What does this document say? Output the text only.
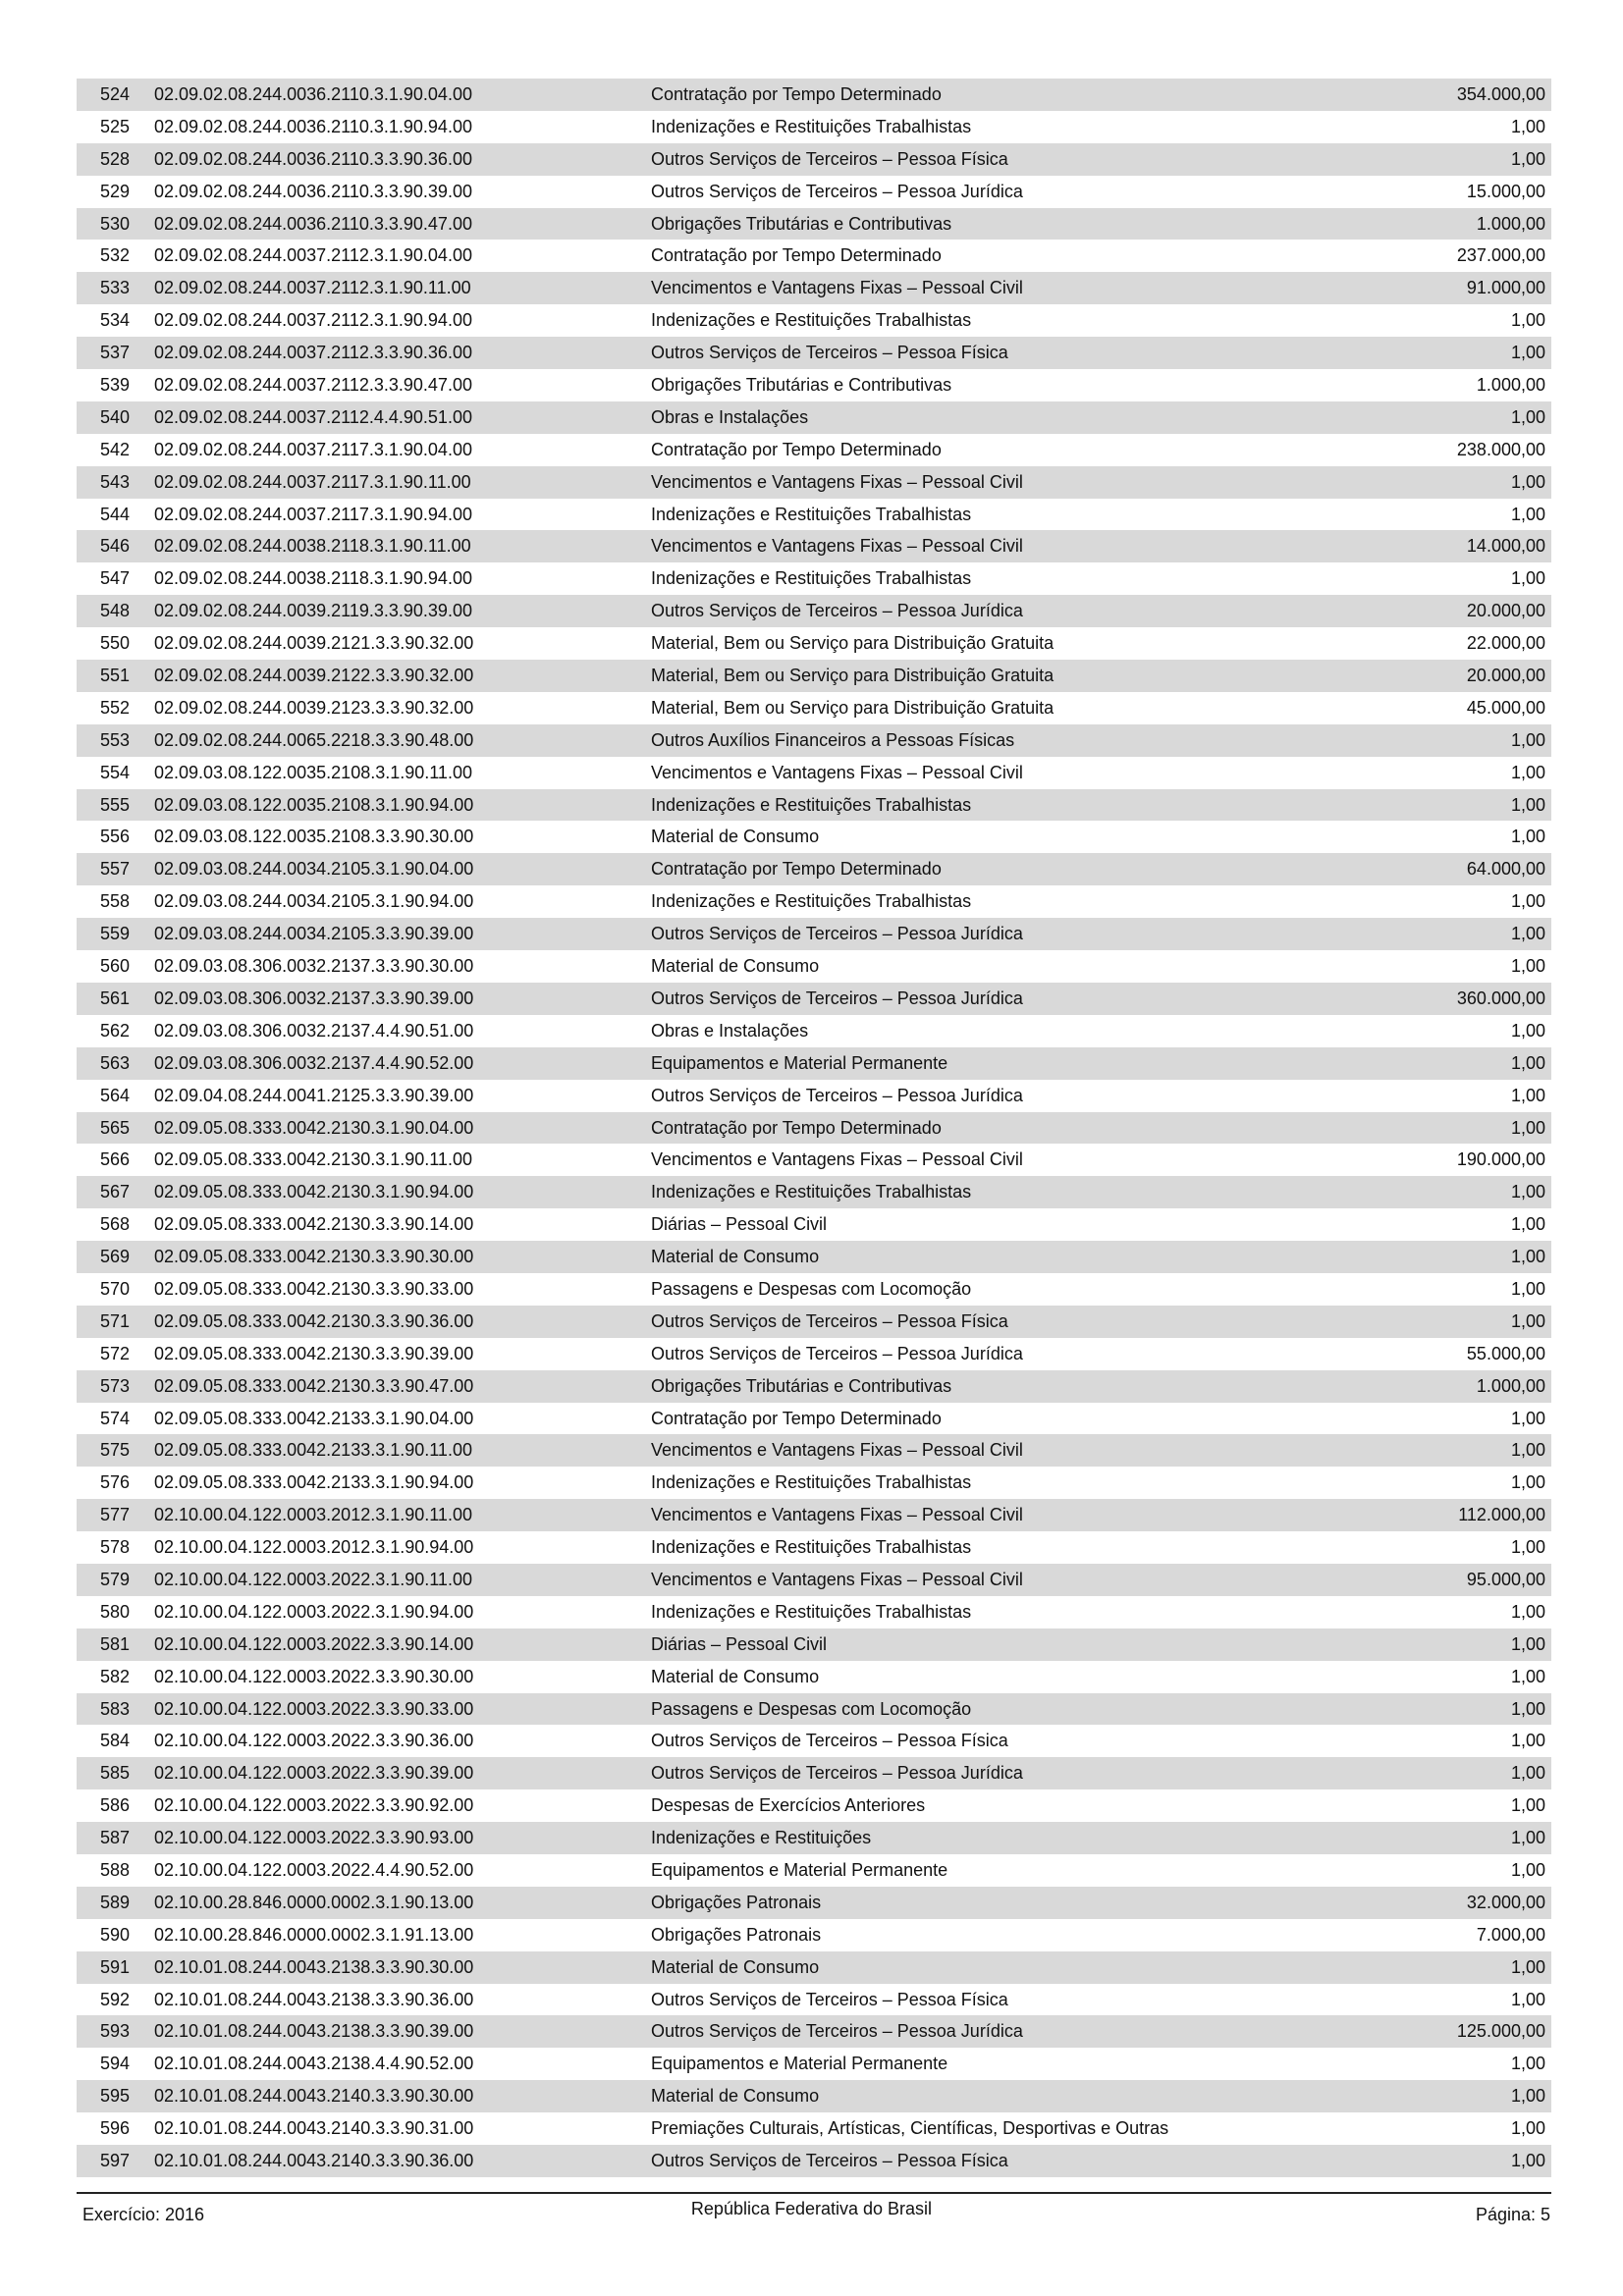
524 02.09.02.08.244.0036.2110.3.1.90.04.00	Contratação por Tempo Determinado	354.000,00
525 02.09.02.08.244.0036.2110.3.1.90.94.00	Indenizações e Restituições Trabalhistas	1,00
528 02.09.02.08.244.0036.2110.3.3.90.36.00	Outros Serviços de Terceiros – Pessoa Física	1,00
529 02.09.02.08.244.0036.2110.3.3.90.39.00	Outros Serviços de Terceiros – Pessoa Jurídica	15.000,00
530 02.09.02.08.244.0036.2110.3.3.90.47.00	Obrigações Tributárias e Contributivas	1.000,00
532 02.09.02.08.244.0037.2112.3.1.90.04.00	Contratação por Tempo Determinado	237.000,00
533 02.09.02.08.244.0037.2112.3.1.90.11.00	Vencimentos e Vantagens Fixas – Pessoal Civil	91.000,00
534 02.09.02.08.244.0037.2112.3.1.90.94.00	Indenizações e Restituições Trabalhistas	1,00
537 02.09.02.08.244.0037.2112.3.3.90.36.00	Outros Serviços de Terceiros – Pessoa Física	1,00
539 02.09.02.08.244.0037.2112.3.3.90.47.00	Obrigações Tributárias e Contributivas	1.000,00
540 02.09.02.08.244.0037.2112.4.4.90.51.00	Obras e Instalações	1,00
542 02.09.02.08.244.0037.2117.3.1.90.04.00	Contratação por Tempo Determinado	238.000,00
543 02.09.02.08.244.0037.2117.3.1.90.11.00	Vencimentos e Vantagens Fixas – Pessoal Civil	1,00
544 02.09.02.08.244.0037.2117.3.1.90.94.00	Indenizações e Restituições Trabalhistas	1,00
546 02.09.02.08.244.0038.2118.3.1.90.11.00	Vencimentos e Vantagens Fixas – Pessoal Civil	14.000,00
547 02.09.02.08.244.0038.2118.3.1.90.94.00	Indenizações e Restituições Trabalhistas	1,00
548 02.09.02.08.244.0039.2119.3.3.90.39.00	Outros Serviços de Terceiros – Pessoa Jurídica	20.000,00
550 02.09.02.08.244.0039.2121.3.3.90.32.00	Material, Bem ou Serviço para Distribuição Gratuita	22.000,00
551 02.09.02.08.244.0039.2122.3.3.90.32.00	Material, Bem ou Serviço para Distribuição Gratuita	20.000,00
552 02.09.02.08.244.0039.2123.3.3.90.32.00	Material, Bem ou Serviço para Distribuição Gratuita	45.000,00
553 02.09.02.08.244.0065.2218.3.3.90.48.00	Outros Auxílios Financeiros a Pessoas Físicas	1,00
554 02.09.03.08.122.0035.2108.3.1.90.11.00	Vencimentos e Vantagens Fixas – Pessoal Civil	1,00
555 02.09.03.08.122.0035.2108.3.1.90.94.00	Indenizações e Restituições Trabalhistas	1,00
556 02.09.03.08.122.0035.2108.3.3.90.30.00	Material de Consumo	1,00
557 02.09.03.08.244.0034.2105.3.1.90.04.00	Contratação por Tempo Determinado	64.000,00
558 02.09.03.08.244.0034.2105.3.1.90.94.00	Indenizações e Restituições Trabalhistas	1,00
559 02.09.03.08.244.0034.2105.3.3.90.39.00	Outros Serviços de Terceiros – Pessoa Jurídica	1,00
560 02.09.03.08.306.0032.2137.3.3.90.30.00	Material de Consumo	1,00
561 02.09.03.08.306.0032.2137.3.3.90.39.00	Outros Serviços de Terceiros – Pessoa Jurídica	360.000,00
562 02.09.03.08.306.0032.2137.4.4.90.51.00	Obras e Instalações	1,00
563 02.09.03.08.306.0032.2137.4.4.90.52.00	Equipamentos e Material Permanente	1,00
564 02.09.04.08.244.0041.2125.3.3.90.39.00	Outros Serviços de Terceiros – Pessoa Jurídica	1,00
565 02.09.05.08.333.0042.2130.3.1.90.04.00	Contratação por Tempo Determinado	1,00
566 02.09.05.08.333.0042.2130.3.1.90.11.00	Vencimentos e Vantagens Fixas – Pessoal Civil	190.000,00
567 02.09.05.08.333.0042.2130.3.1.90.94.00	Indenizações e Restituições Trabalhistas	1,00
568 02.09.05.08.333.0042.2130.3.3.90.14.00	Diárias – Pessoal Civil	1,00
569 02.09.05.08.333.0042.2130.3.3.90.30.00	Material de Consumo	1,00
570 02.09.05.08.333.0042.2130.3.3.90.33.00	Passagens e Despesas com Locomoção	1,00
571 02.09.05.08.333.0042.2130.3.3.90.36.00	Outros Serviços de Terceiros – Pessoa Física	1,00
572 02.09.05.08.333.0042.2130.3.3.90.39.00	Outros Serviços de Terceiros – Pessoa Jurídica	55.000,00
573 02.09.05.08.333.0042.2130.3.3.90.47.00	Obrigações Tributárias e Contributivas	1.000,00
574 02.09.05.08.333.0042.2133.3.1.90.04.00	Contratação por Tempo Determinado	1,00
575 02.09.05.08.333.0042.2133.3.1.90.11.00	Vencimentos e Vantagens Fixas – Pessoal Civil	1,00
576 02.09.05.08.333.0042.2133.3.1.90.94.00	Indenizações e Restituições Trabalhistas	1,00
577 02.10.00.04.122.0003.2012.3.1.90.11.00	Vencimentos e Vantagens Fixas – Pessoal Civil	112.000,00
578 02.10.00.04.122.0003.2012.3.1.90.94.00	Indenizações e Restituições Trabalhistas	1,00
579 02.10.00.04.122.0003.2022.3.1.90.11.00	Vencimentos e Vantagens Fixas – Pessoal Civil	95.000,00
580 02.10.00.04.122.0003.2022.3.1.90.94.00	Indenizações e Restituições Trabalhistas	1,00
581 02.10.00.04.122.0003.2022.3.3.90.14.00	Diárias – Pessoal Civil	1,00
582 02.10.00.04.122.0003.2022.3.3.90.30.00	Material de Consumo	1,00
583 02.10.00.04.122.0003.2022.3.3.90.33.00	Passagens e Despesas com Locomoção	1,00
584 02.10.00.04.122.0003.2022.3.3.90.36.00	Outros Serviços de Terceiros – Pessoa Física	1,00
585 02.10.00.04.122.0003.2022.3.3.90.39.00	Outros Serviços de Terceiros – Pessoa Jurídica	1,00
586 02.10.00.04.122.0003.2022.3.3.90.92.00	Despesas de Exercícios Anteriores	1,00
587 02.10.00.04.122.0003.2022.3.3.90.93.00	Indenizações e Restituições	1,00
588 02.10.00.04.122.0003.2022.4.4.90.52.00	Equipamentos e Material Permanente	1,00
589 02.10.00.28.846.0000.0002.3.1.90.13.00	Obrigações Patronais	32.000,00
590 02.10.00.28.846.0000.0002.3.1.91.13.00	Obrigações Patronais	7.000,00
591 02.10.01.08.244.0043.2138.3.3.90.30.00	Material de Consumo	1,00
592 02.10.01.08.244.0043.2138.3.3.90.36.00	Outros Serviços de Terceiros – Pessoa Física	1,00
593 02.10.01.08.244.0043.2138.3.3.90.39.00	Outros Serviços de Terceiros – Pessoa Jurídica	125.000,00
594 02.10.01.08.244.0043.2138.4.4.90.52.00	Equipamentos e Material Permanente	1,00
595 02.10.01.08.244.0043.2140.3.3.90.30.00	Material de Consumo	1,00
596 02.10.01.08.244.0043.2140.3.3.90.31.00	Premiações Culturais, Artísticas, Científicas, Desportivas e Outras	1,00
597 02.10.01.08.244.0043.2140.3.3.90.36.00	Outros Serviços de Terceiros – Pessoa Física	1,00
Exercício: 2016	República Federativa do Brasil	Página: 5
